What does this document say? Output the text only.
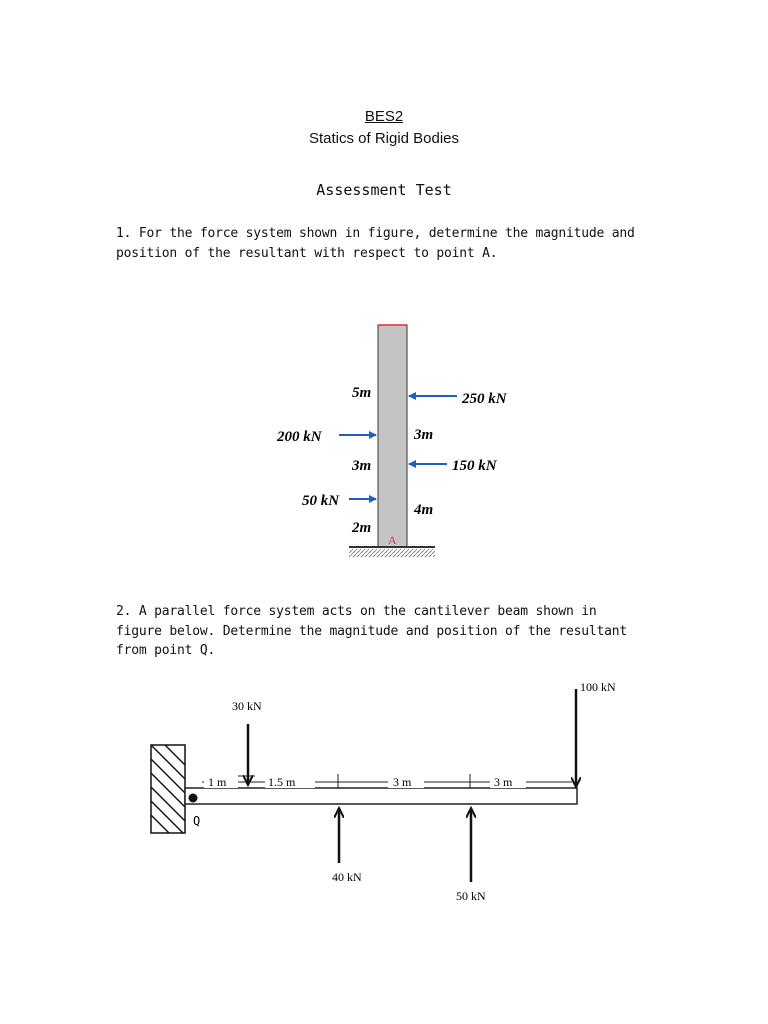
BES2
Statics of Rigid Bodies
Assessment Test
1. For the force system shown in figure, determine the magnitude and
position of the resultant with respect to point A.
250 kN
200 kN
150 kN
50 kN
5m
3m
3m
4m
2m
A
2. A parallel force system acts on the cantilever beam shown in
figure below. Determine the magnitude and position of the resultant
from point Q.
Q
1 m	1.5 m	3 m	3 m
30 kN
100 kN
40 kN
50 kN
